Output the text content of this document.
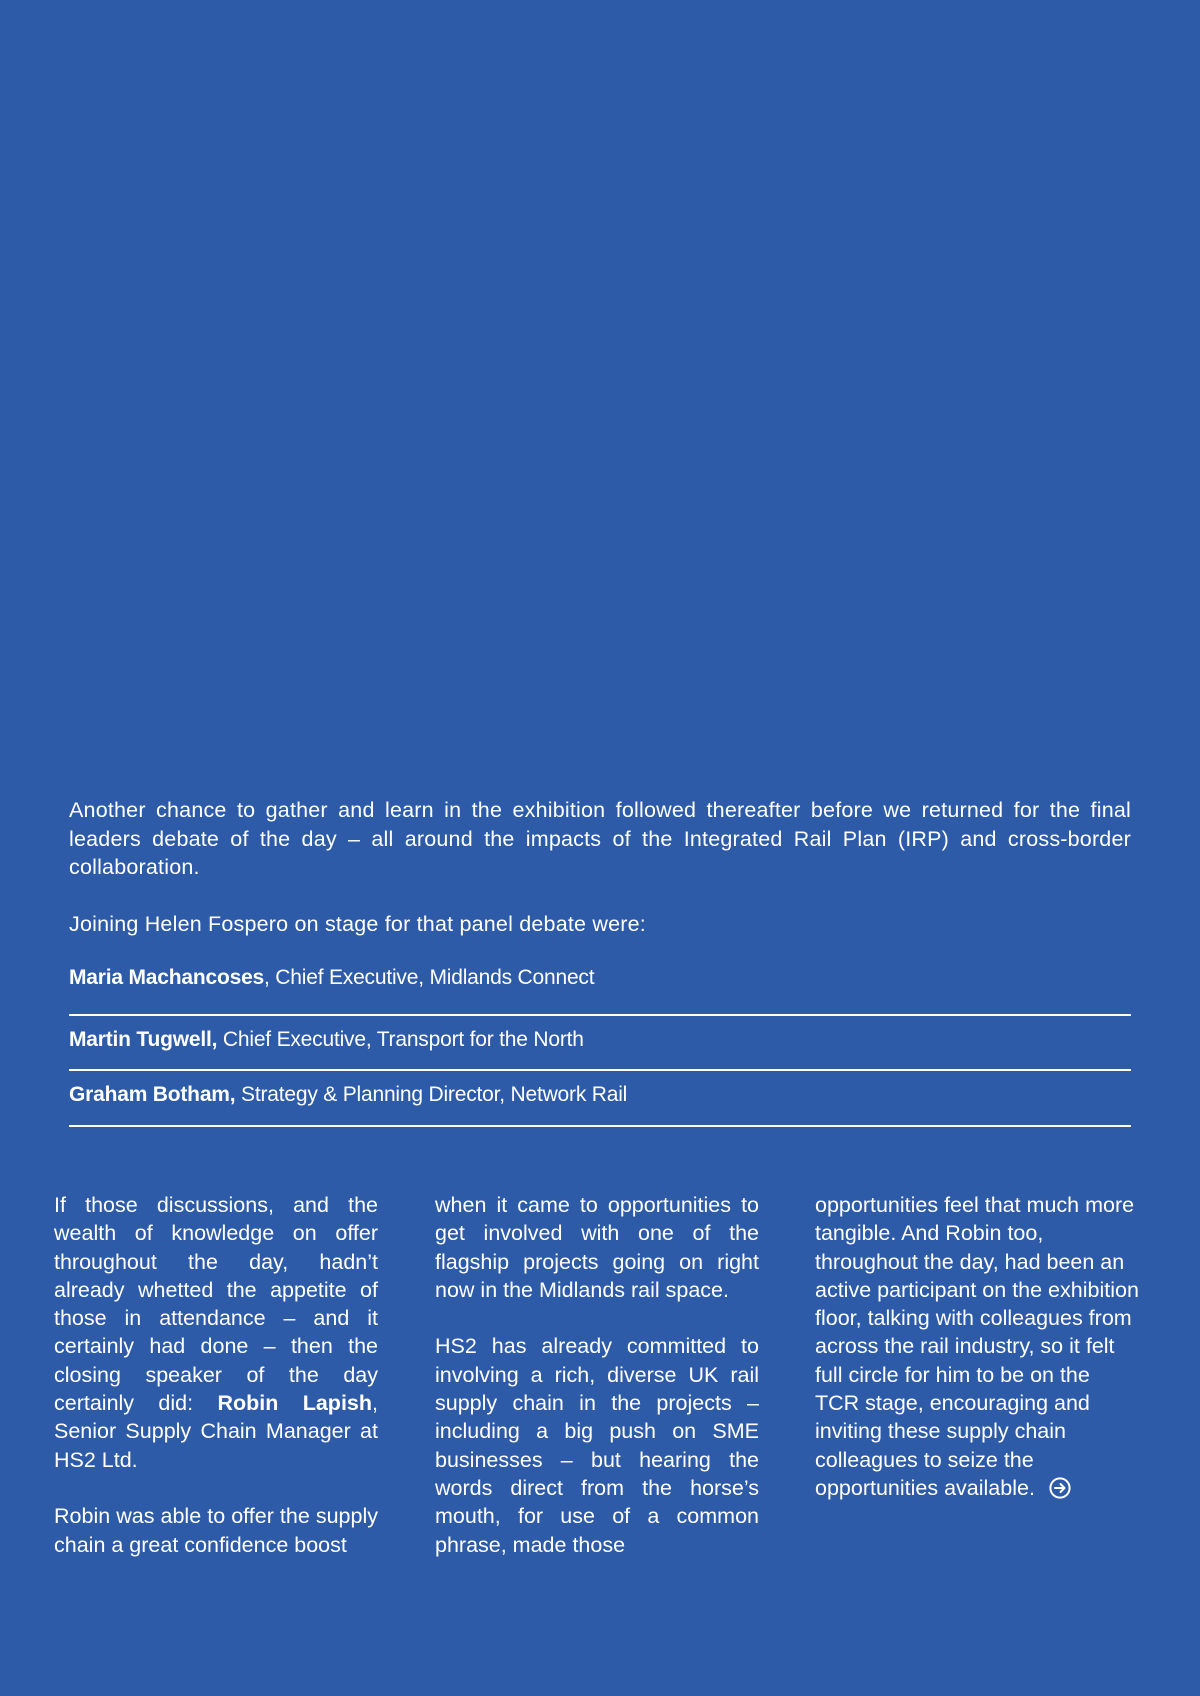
Another chance to gather and learn in the exhibition followed thereafter before we returned for the final leaders debate of the day – all around the impacts of the Integrated Rail Plan (IRP) and cross-border collaboration.

Joining Helen Fospero on stage for that panel debate were:

Maria Machancoses, Chief Executive, Midlands Connect
Martin Tugwell, Chief Executive, Transport for the North
Graham Botham, Strategy & Planning Director, Network Rail

If those discussions, and the wealth of knowledge on offer throughout the day, hadn’t already whetted the appetite of those in attendance – and it certainly had done – then the closing speaker of the day certainly did: Robin Lapish, Senior Supply Chain Manager at HS2 Ltd.

Robin was able to offer the supply chain a great confidence boost

when it came to opportunities to get involved with one of the flagship projects going on right now in the Midlands rail space.

HS2 has already committed to involving a rich, diverse UK rail supply chain in the projects – including a big push on SME businesses – but hearing the words direct from the horse’s mouth, for use of a common phrase, made those

opportunities feel that much more tangible. And Robin too, throughout the day, had been an active participant on the exhibition floor, talking with colleagues from across the rail industry, so it felt full circle for him to be on the TCR stage, encouraging and inviting these supply chain colleagues to seize the opportunities available.
